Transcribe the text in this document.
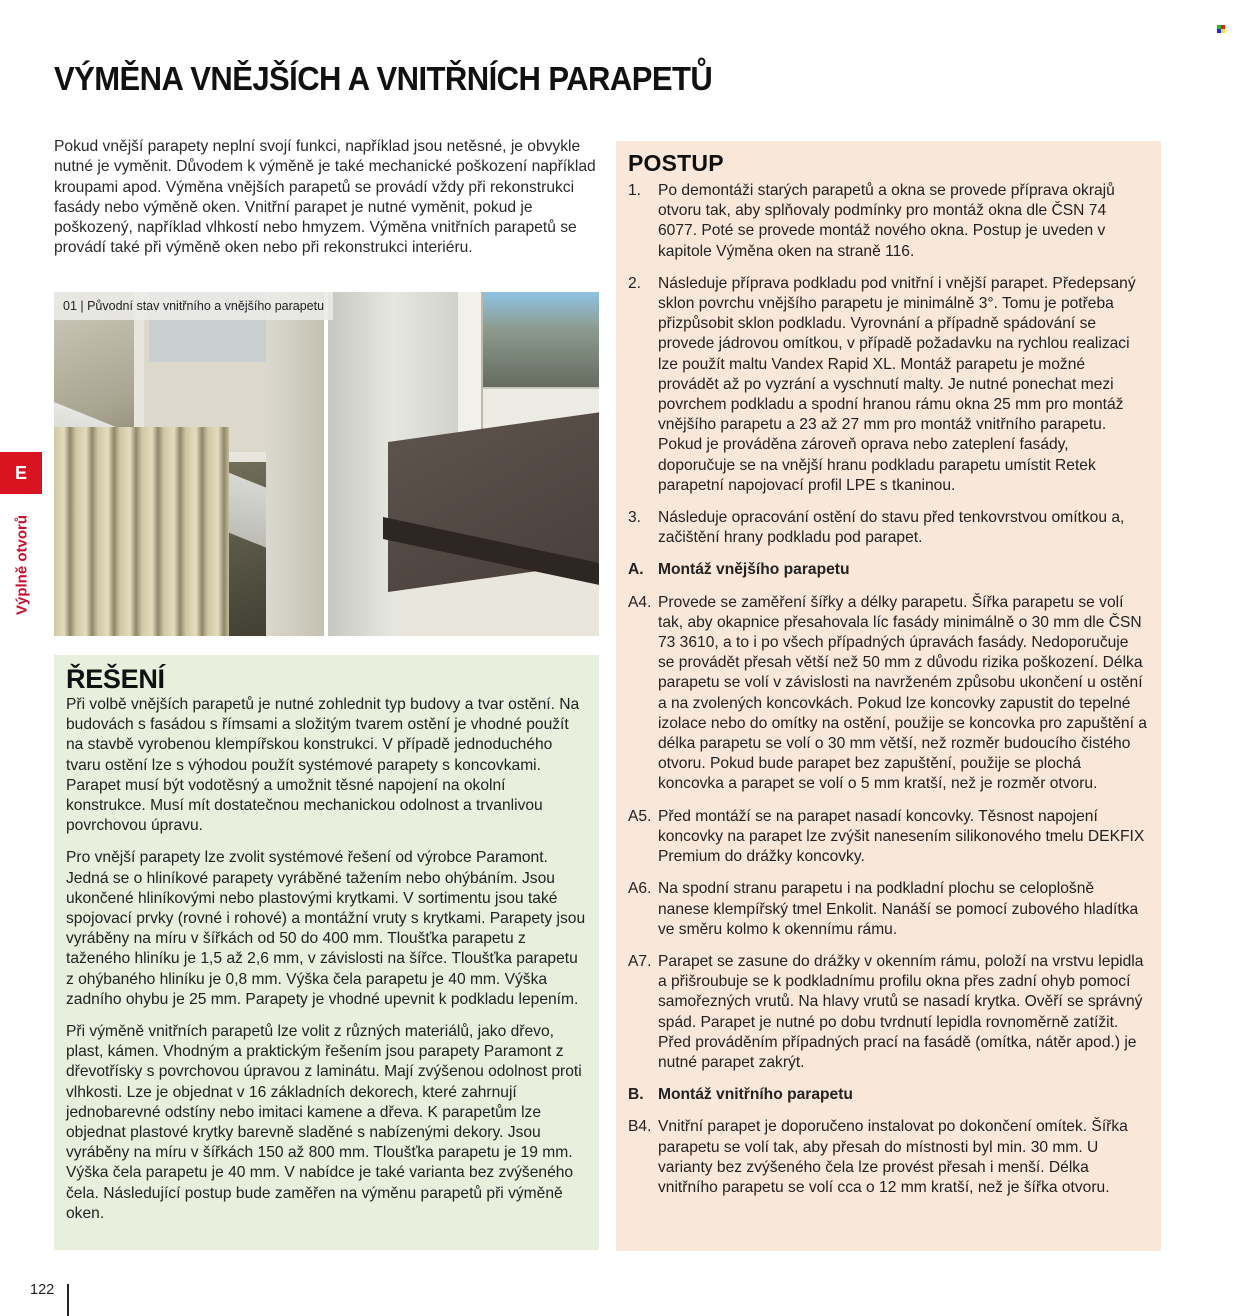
VÝMĚNA VNĚJŠÍCH A VNITŘNÍCH PARAPETŮ

Pokud vnější parapety neplní svojí funkci, například jsou netěsné, je obvykle nutné je vyměnit. Důvodem k výměně je také mechanické poškození například kroupami apod. Výměna vnějších parapetů se provádí vždy při rekonstrukci fasády nebo výměně oken. Vnitřní parapet je nutné vyměnit, pokud je poškozený, například vlhkostí nebo hmyzem. Výměna vnitřních parapetů se provádí také při výměně oken nebo při rekonstrukci interiéru.

01 | Původní stav vnitřního a vnějšího parapetu
ŘEŠENÍ

Při volbě vnějších parapetů je nutné zohlednit typ budovy a tvar ostění. Na budovách s fasádou s římsami a složitým tvarem ostění je vhodné použít na stavbě vyrobenou klempířskou konstrukci. V případě jednoduchého tvaru ostění lze s výhodou použít systémové parapety s koncovkami. Parapet musí být vodotěsný a umožnit těsné napojení na okolní konstrukce. Musí mít dostatečnou mechanickou odolnost a trvanlivou povrchovou úpravu.

Pro vnější parapety lze zvolit systémové řešení od výrobce Paramont. Jedná se o hliníkové parapety vyráběné tažením nebo ohýbáním. Jsou ukončené hliníkovými nebo plastovými krytkami. V sortimentu jsou také spojovací prvky (rovné i rohové) a montážní vruty s krytkami. Parapety jsou vyráběny na míru v šířkách od 50 do 400 mm. Tloušťka parapetu z taženého hliníku je 1,5 až 2,6 mm, v závislosti na šířce. Tloušťka parapetu z ohýbaného hliníku je 0,8 mm. Výška čela parapetu je 40 mm. Výška zadního ohybu je 25 mm. Parapety je vhodné upevnit k podkladu lepením.

Při výměně vnitřních parapetů lze volit z různých materiálů, jako dřevo, plast, kámen. Vhodným a praktickým řešením jsou parapety Paramont z dřevotřísky s povrchovou úpravou z laminátu. Mají zvýšenou odolnost proti vlhkosti. Lze je objednat v 16 základních dekorech, které zahrnují jednobarevné odstíny nebo imitaci kamene a dřeva. K parapetům lze objednat plastové krytky barevně sladěné s nabízenými dekory. Jsou vyráběny na míru v šířkách 150 až 800 mm. Tloušťka parapetu je 19 mm. Výška čela parapetu je 40 mm. V nabídce je také varianta bez zvýšeného čela. Následující postup bude zaměřen na výměnu parapetů při výměně oken.

POSTUP
1.	Po demontáži starých parapetů a okna se provede příprava okrajů otvoru tak, aby splňovaly podmínky pro montáž okna dle ČSN 74 6077. Poté se provede montáž nového okna. Postup je uveden v kapitole Výměna oken na straně 116.
2.	Následuje příprava podkladu pod vnitřní i vnější parapet. Předepsaný sklon povrchu vnějšího parapetu je minimálně 3°. Tomu je potřeba přizpůsobit sklon podkladu. Vyrovnání a případně spádování se provede jádrovou omítkou, v případě požadavku na rychlou realizaci lze použít maltu Vandex Rapid XL. Montáž parapetu je možné provádět až po vyzrání a vyschnutí malty. Je nutné ponechat mezi povrchem podkladu a spodní hranou rámu okna 25 mm pro montáž vnějšího parapetu a 23 až 27 mm pro montáž vnitřního parapetu. Pokud je prováděna zároveň oprava nebo zateplení fasády, doporučuje se na vnější hranu podkladu parapetu umístit Retek parapetní napojovací profil LPE s tkaninou.
3.	Následuje opracování ostění do stavu před tenkovrstvou omítkou a, začištění hrany podkladu pod parapet.
A. Montáž vnějšího parapetu
A4. Provede se zaměření šířky a délky parapetu. Šířka parapetu se volí tak, aby okapnice přesahovala líc fasády minimálně o 30 mm dle ČSN 73 3610, a to i po všech případných úpravách fasády. Nedoporučuje se provádět přesah větší než 50 mm z důvodu rizika poškození. Délka parapetu se volí v závislosti na navrženém způsobu ukončení u ostění a na zvolených koncovkách. Pokud lze koncovky zapustit do tepelné izolace nebo do omítky na ostění, použije se koncovka pro zapuštění a délka parapetu se volí o 30 mm větší, než rozměr budoucího čistého otvoru. Pokud bude parapet bez zapuštění, použije se plochá koncovka a parapet se volí o 5 mm kratší, než je rozměr otvoru.
A5. Před montáží se na parapet nasadí koncovky. Těsnost napojení koncovky na parapet lze zvýšit nanesením silikonového tmelu DEKFIX Premium do drážky koncovky.
A6. Na spodní stranu parapetu i na podkladní plochu se celoplošně nanese klempířský tmel Enkolit. Nanáší se pomocí zubového hladítka ve směru kolmo k okennímu rámu.
A7. Parapet se zasune do drážky v okenním rámu, položí na vrstvu lepidla a přišroubuje se k podkladnímu profilu okna přes zadní ohyb pomocí samořezných vrutů. Na hlavy vrutů se nasadí krytka. Ověří se správný spád. Parapet je nutné po dobu tvrdnutí lepidla rovnoměrně zatížit. Před prováděním případných prací na fasádě (omítka, nátěr apod.) je nutné parapet zakrýt.
B. Montáž vnitřního parapetu
B4. Vnitřní parapet je doporučeno instalovat po dokončení omítek. Šířka parapetu se volí tak, aby přesah do místnosti byl min. 30 mm. U varianty bez zvýšeného čela lze provést přesah i menší. Délka vnitřního parapetu se volí cca o 12 mm kratší, než je šířka otvoru.
E
Výplně otvorů
122
